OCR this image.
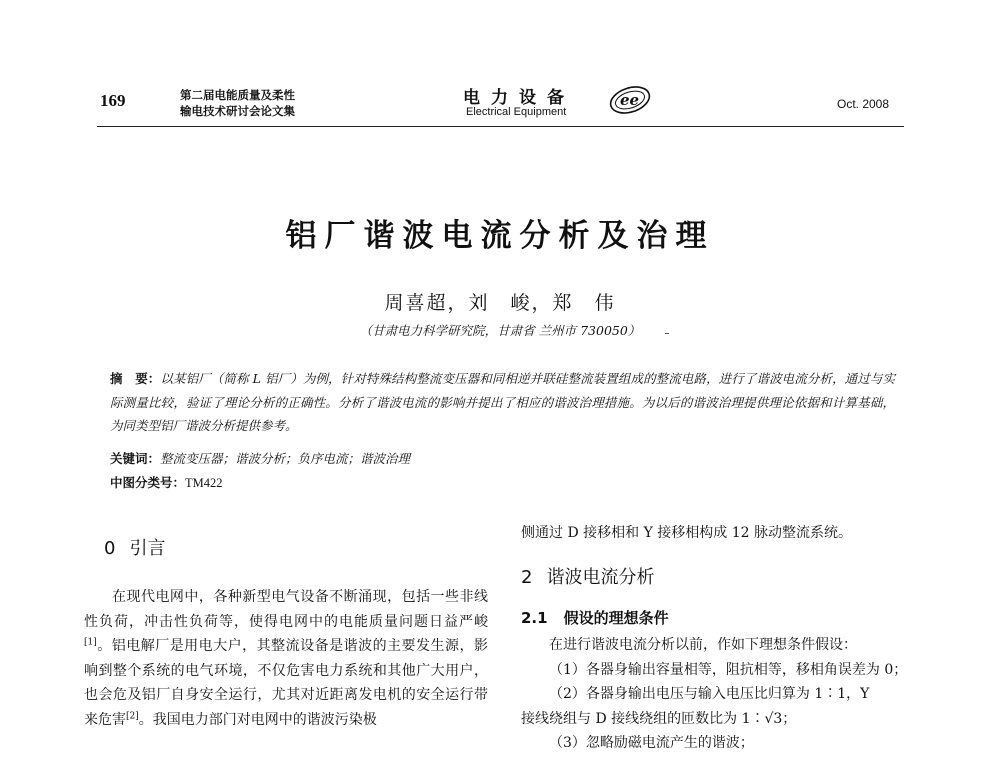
169	第二届电能质量及柔性
输电技术研讨会论文集
电力设备
Electrical Equipment
ee	Oct. 2008
铝厂谐波电流分析及治理
周喜超，刘　峻，郑　伟
（甘肃电力科学研究院，甘肃省 兰州市 730050）
摘　要：以某铝厂（简称 L 铝厂）为例，针对特殊结构整流变压器和同相逆并联硅整流装置组成的整流电路，进行了谐波电流分析，通过与实际测量比较，验证了理论分析的正确性。分析了谐波电流的影响并提出了相应的谐波治理措施。为以后的谐波治理提供理论依据和计算基础，为同类型铝厂谐波分析提供参考。
关键词：整流变压器；谐波分析；负序电流；谐波治理
中图分类号：TM422
0 引言

在现代电网中，各种新型电气设备不断涌现，包括一些非线性负荷，冲击性负荷等，使得电网中的电能质量问题日益严峻[1]。铝电解厂是用电大户，其整流设备是谐波的主要发生源，影响到整个系统的电气环境，不仅危害电力系统和其他广大用户，也会危及铝厂自身安全运行，尤其对近距离发电机的安全运行带来危害[2]。我国电力部门对电网中的谐波污染极

侧通过 D 接移相和 Y 接移相构成 12 脉动整流系统。
2 谐波电流分析
2.1 假设的理想条件
在进行谐波电流分析以前，作如下理想条件假设：
（1）各器身输出容量相等，阻抗相等，移相角误差为 0；
（2）各器身输出电压与输入电压比归算为 1∶1，Y
接线绕组与 D 接线绕组的匝数比为 1∶√3；
（3）忽略励磁电流产生的谐波；
